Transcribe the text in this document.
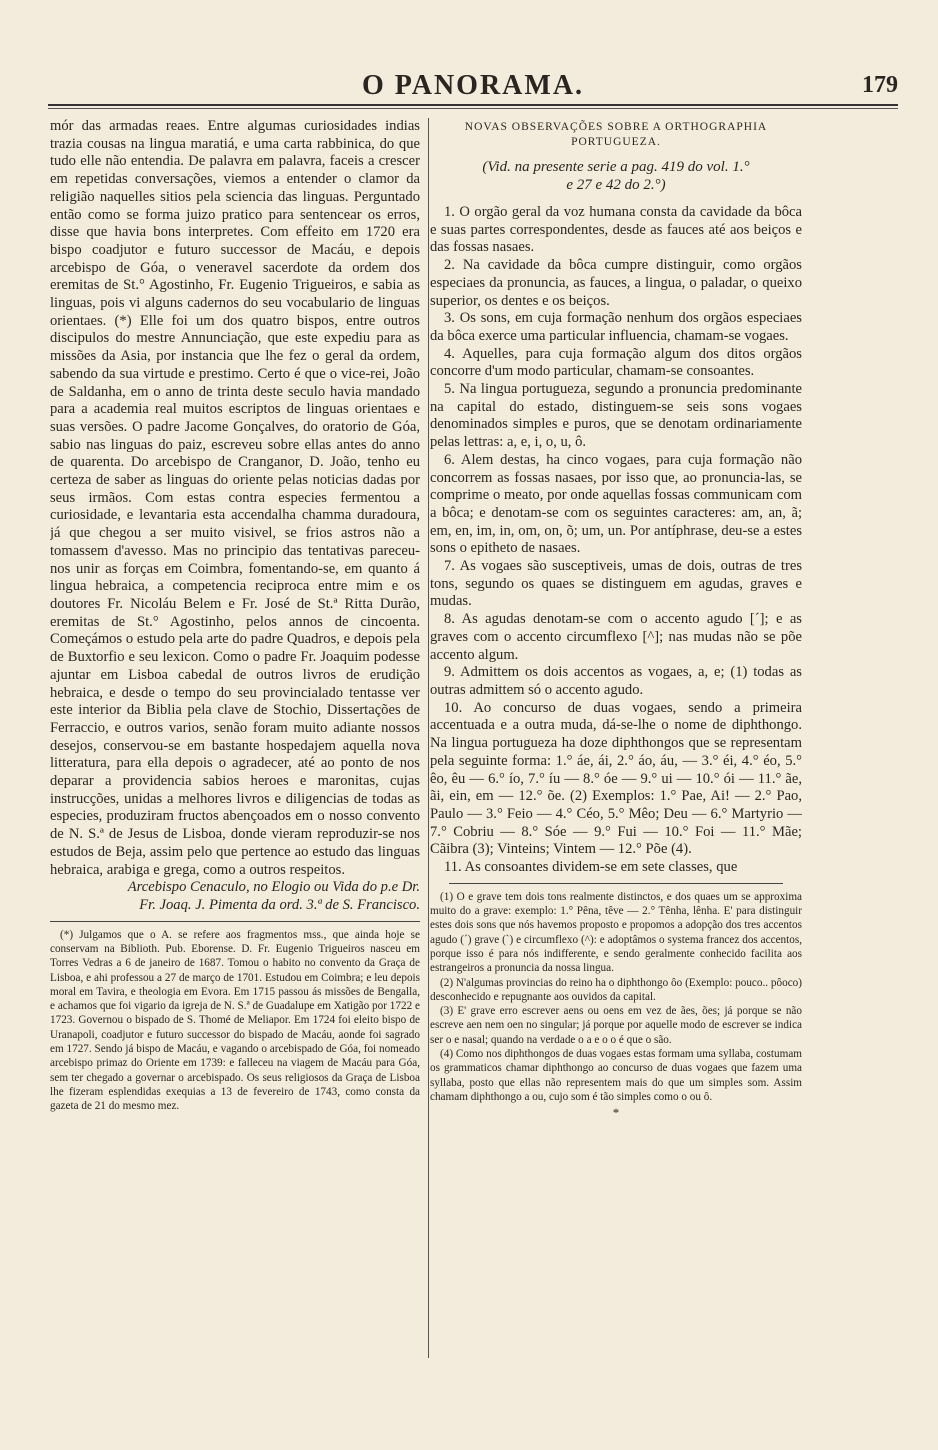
O PANORAMA.	179

mór das armadas reaes. Entre algumas curiosidades indias trazia cousas na lingua maratiá, e uma carta rabbinica, do que tudo elle não entendia. De palavra em palavra, faceis a crescer em repetidas conversações, viemos a entender o clamor da religião naquelles sitios pela sciencia das linguas. Perguntado então como se forma juizo pratico para sentencear os erros, disse que havia bons interpretes. Com effeito em 1720 era bispo coadjutor e futuro successor de Macáu, e depois arcebispo de Góa, o veneravel sacerdote da ordem dos eremitas de St.° Agostinho, Fr. Eugenio Trigueiros, e sabia as linguas, pois vi alguns cadernos do seu vocabulario de linguas orientaes. (*) Elle foi um dos quatro bispos, entre outros discipulos do mestre Annunciação, que este expediu para as missões da Asia, por instancia que lhe fez o geral da ordem, sabendo da sua virtude e prestimo. Certo é que o vice-rei, João de Saldanha, em o anno de trinta deste seculo havia mandado para a academia real muitos escriptos de linguas orientaes e suas versões. O padre Jacome Gonçalves, do oratorio de Góa, sabio nas linguas do paiz, escreveu sobre ellas antes do anno de quarenta. Do arcebispo de Cranganor, D. João, tenho eu certeza de saber as linguas do oriente pelas noticias dadas por seus irmãos. Com estas contra especies fermentou a curiosidade, e levantaria esta accendalha chamma duradoura, já que chegou a ser muito visivel, se frios astros não a tomassem d'avesso. Mas no principio das tentativas pareceu-nos unir as forças em Coimbra, fomentando-se, em quanto á lingua hebraica, a competencia reciproca entre mim e os doutores Fr. Nicoláu Belem e Fr. José de St.ª Ritta Durão, eremitas de St.° Agostinho, pelos annos de cincoenta. Começámos o estudo pela arte do padre Quadros, e depois pela de Buxtorfio e seu lexicon. Como o padre Fr. Joaquim podesse ajuntar em Lisboa cabedal de outros livros de erudição hebraica, e desde o tempo do seu provincialado tentasse ver este interior da Biblia pela clave de Stochio, Dissertações de Ferraccio, e outros varios, senão foram muito adiante nossos desejos, conservou-se em bastante hospedajem aquella nova litteratura, para ella depois o agradecer, até ao ponto de nos deparar a providencia sabios heroes e maronitas, cujas instrucções, unidas a melhores livros e diligencias de todas as especies, produziram fructos abençoados em o nosso convento de N. S.ª de Jesus de Lisboa, donde vieram reproduzir-se nos estudos de Beja, assim pelo que pertence ao estudo das linguas hebraica, arabiga e grega, como a outros respeitos.

Arcebispo Cenaculo, no Elogio ou Vida do p.e Dr.

Fr. Joaq. J. Pimenta da ord. 3.ª de S. Francisco.

(*) Julgamos que o A. se refere aos fragmentos mss., que ainda hoje se conservam na Biblioth. Pub. Eborense. D. Fr. Eugenio Trigueiros nasceu em Torres Vedras a 6 de janeiro de 1687. Tomou o habito no convento da Graça de Lisboa, e ahi professou a 27 de março de 1701. Estudou em Coimbra; e leu depois moral em Tavira, e theologia em Evora. Em 1715 passou ás missões de Bengalla, e achamos que foi vigario da igreja de N. S.ª de Guadalupe em Xatigão por 1722 e 1723. Governou o bispado de S. Thomé de Meliapor. Em 1724 foi eleito bispo de Uranapoli, coadjutor e futuro successor do bispado de Macáu, aonde foi sagrado em 1727. Sendo já bispo de Macáu, e vagando o arcebispado de Góa, foi nomeado arcebispo primaz do Oriente em 1739: e falleceu na viagem de Macáu para Góa, sem ter chegado a governar o arcebispado. Os seus religiosos da Graça de Lisboa lhe fizeram esplendidas exequias a 13 de fevereiro de 1743, como consta da gazeta de 21 do mesmo mez.

NOVAS OBSERVAÇÕES SOBRE A ORTHOGRAPHIA PORTUGUEZA.
(Vid. na presente serie a pag. 419 do vol. 1.°
e 27 e 42 do 2.°)

1. O orgão geral da voz humana consta da cavidade da bôca e suas partes correspondentes, desde as fauces até aos beiços e das fossas nasaes.

2. Na cavidade da bôca cumpre distinguir, como orgãos especiaes da pronuncia, as fauces, a lingua, o paladar, o queixo superior, os dentes e os beiços.

3. Os sons, em cuja formação nenhum dos orgãos especiaes da bôca exerce uma particular influencia, chamam-se vogaes.

4. Aquelles, para cuja formação algum dos ditos orgãos concorre d'um modo particular, chamam-se consoantes.

5. Na lingua portugueza, segundo a pronuncia predominante na capital do estado, distinguem-se seis sons vogaes denominados simples e puros, que se denotam ordinariamente pelas lettras: a, e, i, o, u, ô.

6. Alem destas, ha cinco vogaes, para cuja formação não concorrem as fossas nasaes, por isso que, ao pronuncia-las, se comprime o meato, por onde aquellas fossas communicam com a bôca; e denotam-se com os seguintes caracteres: am, an, ã; em, en, im, in, om, on, õ; um, un. Por antíphrase, deu-se a estes sons o epitheto de nasaes.

7. As vogaes são susceptiveis, umas de dois, outras de tres tons, segundo os quaes se distinguem em agudas, graves e mudas.

8. As agudas denotam-se com o accento agudo [´]; e as graves com o accento circumflexo [^]; nas mudas não se põe accento algum.

9. Admittem os dois accentos as vogaes, a, e; (1) todas as outras admittem só o accento agudo.

10. Ao concurso de duas vogaes, sendo a primeira accentuada e a outra muda, dá-se-lhe o nome de diphthongo. Na lingua portugueza ha doze diphthongos que se representam pela seguinte forma: 1.° áe, ái, 2.° áo, áu, — 3.° éi, 4.° éo, 5.° êo, êu — 6.° ío, 7.° íu — 8.° óe — 9.° ui — 10.° ói — 11.° ãe, ãi, ein, em — 12.° õe. (2) Exemplos: 1.° Pae, Ai! — 2.° Pao, Paulo — 3.° Feio — 4.° Céo, 5.° Mêo; Deu — 6.° Martyrio — 7.° Cobriu — 8.° Sóe — 9.° Fui — 10.° Foi — 11.° Mãe; Cãibra (3); Vinteins; Vintem — 12.° Põe (4).

11. As consoantes dividem-se em sete classes, que

(1) O e grave tem dois tons realmente distinctos, e dos quaes um se approxima muito do a grave: exemplo: 1.° Pêna, têve — 2.° Tênha, lênha. E' para distinguir estes dois sons que nós havemos proposto e propomos a adopção dos tres accentos agudo (´) grave (`) e circumflexo (^): e adoptâmos o systema francez dos accentos, porque isso é para nós indifferente, e sendo geralmente conhecido facilita aos estrangeiros a pronuncia da nossa lingua.

(2) N'algumas provincias do reino ha o diphthongo ôo (Exemplo: pouco.. pôoco) desconhecido e repugnante aos ouvidos da capital.

(3) E' grave erro escrever aens ou oens em vez de ães, ões; já porque se não escreve aen nem oen no singular; já porque por aquelle modo de escrever se indica ser o e nasal; quando na verdade o a e o o é que o são.

(4) Como nos diphthongos de duas vogaes estas formam uma syllaba, costumam os grammaticos chamar diphthongo ao concurso de duas vogaes que fazem uma syllaba, posto que ellas não representem mais do que um simples som. Assim chamam diphthongo a ou, cujo som é tão simples como o ou ô.

*
